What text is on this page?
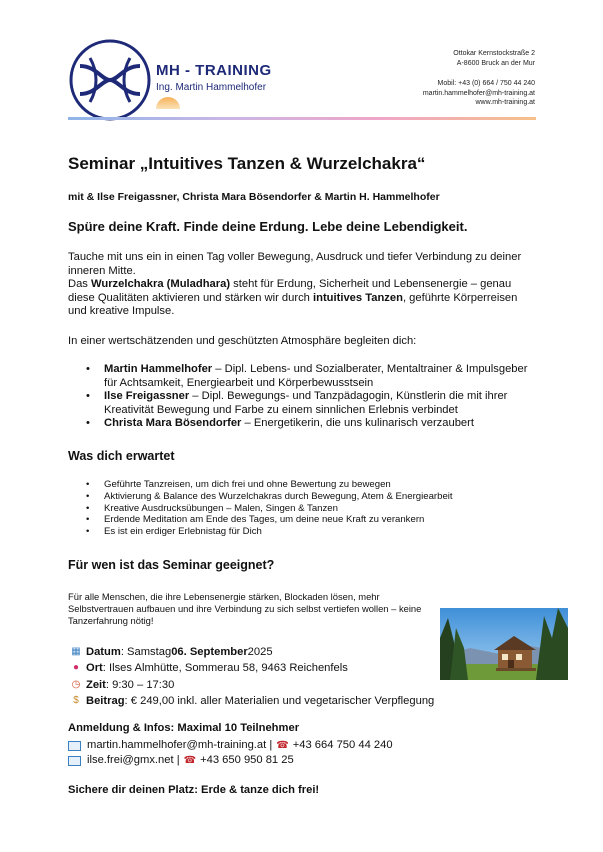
MH - TRAINING
Ing. Martin Hammelhofer
Ottokar Kernstockstraße 2
A-8600 Bruck an der Mur
Mobil: +43 (0) 664 / 750 44 240
martin.hammelhofer@mh-training.at
www.mh-training.at
Seminar „Intuitives Tanzen & Wurzelchakra“
mit & Ilse Freigassner, Christa Mara Bösendorfer & Martin H. Hammelhofer
Spüre deine Kraft. Finde deine Erdung. Lebe deine Lebendigkeit.
Tauche mit uns ein in einen Tag voller Bewegung, Ausdruck und tiefer Verbindung zu deiner inneren Mitte.
Das Wurzelchakra (Muladhara) steht für Erdung, Sicherheit und Lebensenergie – genau diese Qualitäten aktivieren und stärken wir durch intuitives Tanzen, geführte Körperreisen und kreative Impulse.
In einer wertschätzenden und geschützten Atmosphäre begleiten dich:
• Martin Hammelhofer – Dipl. Lebens- und Sozialberater, Mentaltrainer & Impulsgeber für Achtsamkeit, Energiearbeit und Körperbewusstsein
• Ilse Freigassner – Dipl. Bewegungs- und Tanzpädagogin, Künstlerin die mit ihrer Kreativität Bewegung und Farbe zu einem sinnlichen Erlebnis verbindet
• Christa Mara Bösendorfer – Energetikerin, die uns kulinarisch verzaubert
Was dich erwartet
• Geführte Tanzreisen, um dich frei und ohne Bewertung zu bewegen
• Aktivierung & Balance des Wurzelchakras durch Bewegung, Atem & Energiearbeit
• Kreative Ausdrucksübungen – Malen, Singen & Tanzen
• Erdende Meditation am Ende des Tages, um deine neue Kraft zu verankern
• Es ist ein erdiger Erlebnistag für Dich
Für wen ist das Seminar geeignet?
Für alle Menschen, die ihre Lebensenergie stärken, Blockaden lösen, mehr Selbstvertrauen aufbauen und ihre Verbindung zu sich selbst vertiefen wollen – keine Tanzerfahrung nötig!
▦ Datum : Samstag 06. September 2025
● Ort : Ilses Almhütte, Sommerau 58, 9463 Reichenfels
◷ Zeit : 9:30 – 17:30
$ Beitrag : € 249,00 inkl. aller Materialien und vegetarischer Verpflegung
Anmeldung & Infos: Maximal 10 Teilnehmer
martin.hammelhofer@mh-training.at | ☎ +43 664 750 44 240
ilse.frei@gmx.net | ☎ +43 650 950 81 25
Sichere dir deinen Platz: Erde & tanze dich frei!
